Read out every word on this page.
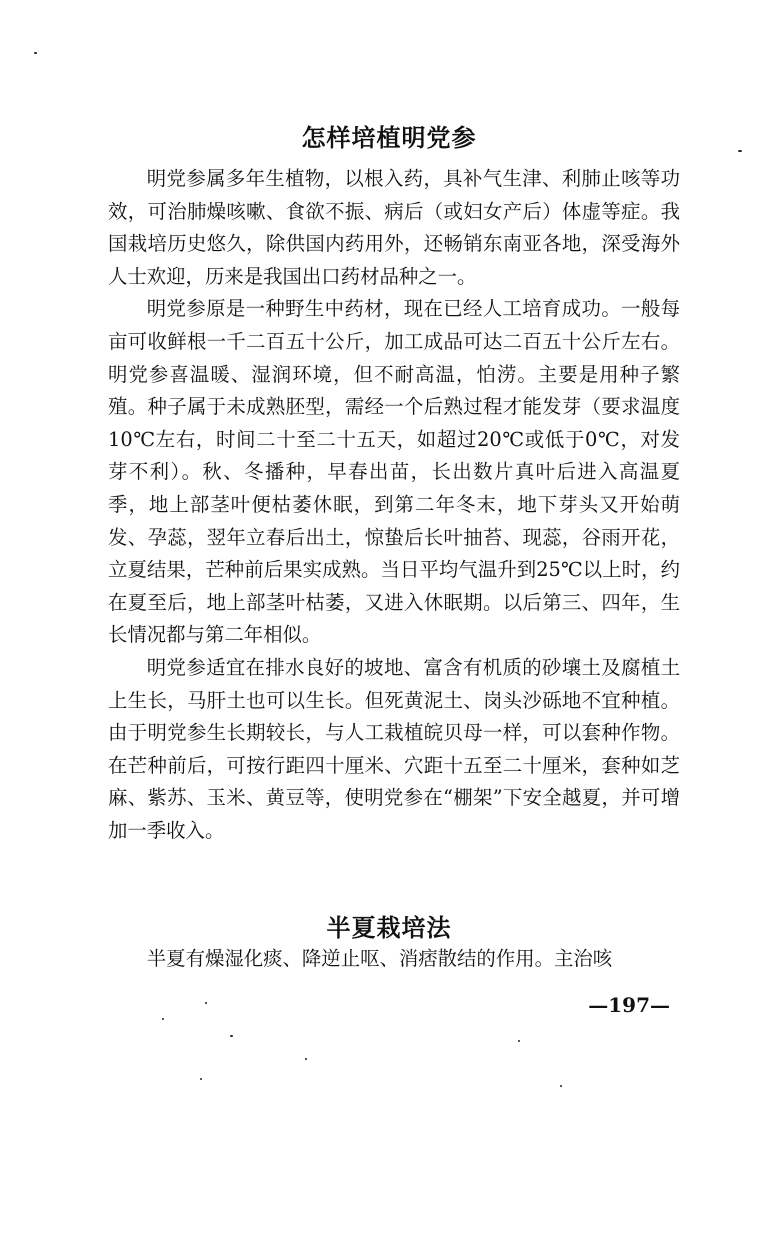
怎样培植明党参

明党参属多年生植物，以根入药，具补气生津、利肺止咳等功效，可治肺燥咳嗽、食欲不振、病后（或妇女产后）体虚等症。我国栽培历史悠久，除供国内药用外，还畅销东南亚各地，深受海外人士欢迎，历来是我国出口药材品种之一。

明党参原是一种野生中药材，现在已经人工培育成功。一般每亩可收鲜根一千二百五十公斤，加工成品可达二百五十公斤左右。明党参喜温暖、湿润环境，但不耐高温，怕涝。主要是用种子繁殖。种子属于未成熟胚型，需经一个后熟过程才能发芽（要求温度10℃左右，时间二十至二十五天，如超过20℃或低于0℃，对发芽不利）。秋、冬播种，早春出苗，长出数片真叶后进入高温夏季，地上部茎叶便枯萎休眠，到第二年冬末，地下芽头又开始萌发、孕蕊，翌年立春后出土，惊蛰后长叶抽苔、现蕊，谷雨开花，立夏结果，芒种前后果实成熟。当日平均气温升到25℃以上时，约在夏至后，地上部茎叶枯萎，又进入休眠期。以后第三、四年，生长情况都与第二年相似。

明党参适宜在排水良好的坡地、富含有机质的砂壤土及腐植土上生长，马肝土也可以生长。但死黄泥土、岗头沙砾地不宜种植。由于明党参生长期较长，与人工栽植皖贝母一样，可以套种作物。在芒种前后，可按行距四十厘米、穴距十五至二十厘米，套种如芝麻、紫苏、玉米、黄豆等，使明党参在“棚架”下安全越夏，并可增加一季收入。

半夏栽培法

半夏有燥湿化痰、降逆止呕、消痞散结的作用。主治咳

—197—
